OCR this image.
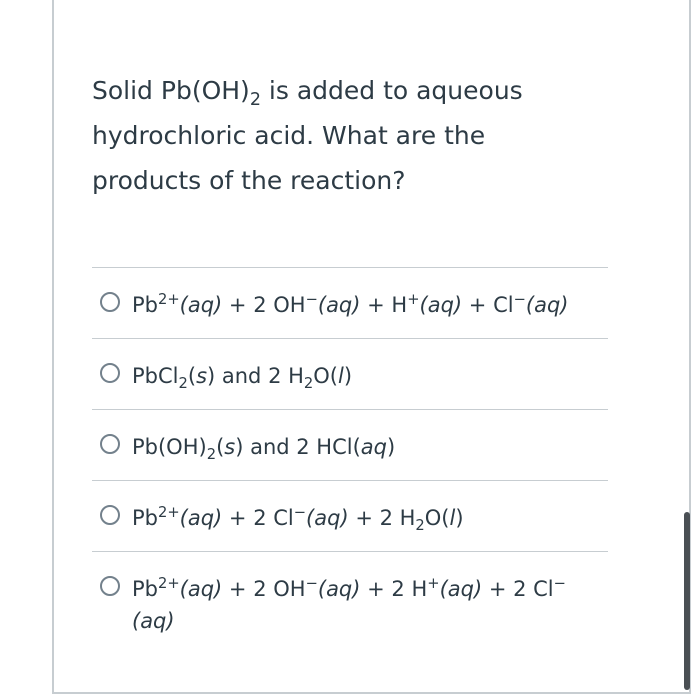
Solid $Pb(OH)_2$ is added to aqueous hydrochloric acid. What are the products of the reaction?
$Pb^{2+}(aq) + 2$ OH−(aq) + H+(aq) + Cl−(aq)
PbCl$_2$(s) and 2 $H_2O(l)$
$Pb(OH)_2(s)$ and 2 HCl(aq)
$Pb^{2+}(aq) + 2$ Cl−(aq) + 2 $H_2O(l)$
$Pb^{2+}(aq) + 2$ OH−(aq) + 2 H+(aq) + 2 Cl−(aq)
